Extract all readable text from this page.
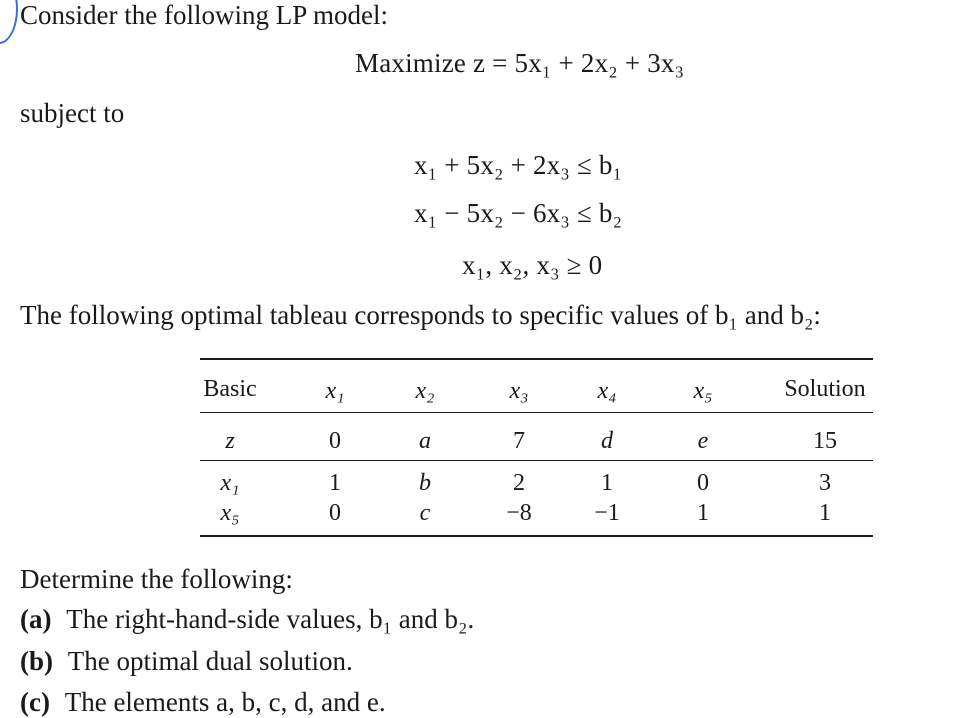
Consider the following LP model:
Maximize z = 5x₁ + 2x₂ + 3x₃
subject to
x₁ + 5x₂ + 2x₃ ≤ b₁
x₁ − 5x₂ − 6x₃ ≤ b₂
x₁, x₂, x₃ ≥ 0
The following optimal tableau corresponds to specific values of b₁ and b₂:
Basic	x₁	x₂	x₃	x₄	x₅	Solution
z	0	a	7	d	e	15
x₁	1	b	2	1	0	3
x₅	0	c	−8	−1	1	1
Determine the following:
(a) The right-hand-side values, b₁ and b₂.
(b) The optimal dual solution.
(c) The elements a, b, c, d, and e.
